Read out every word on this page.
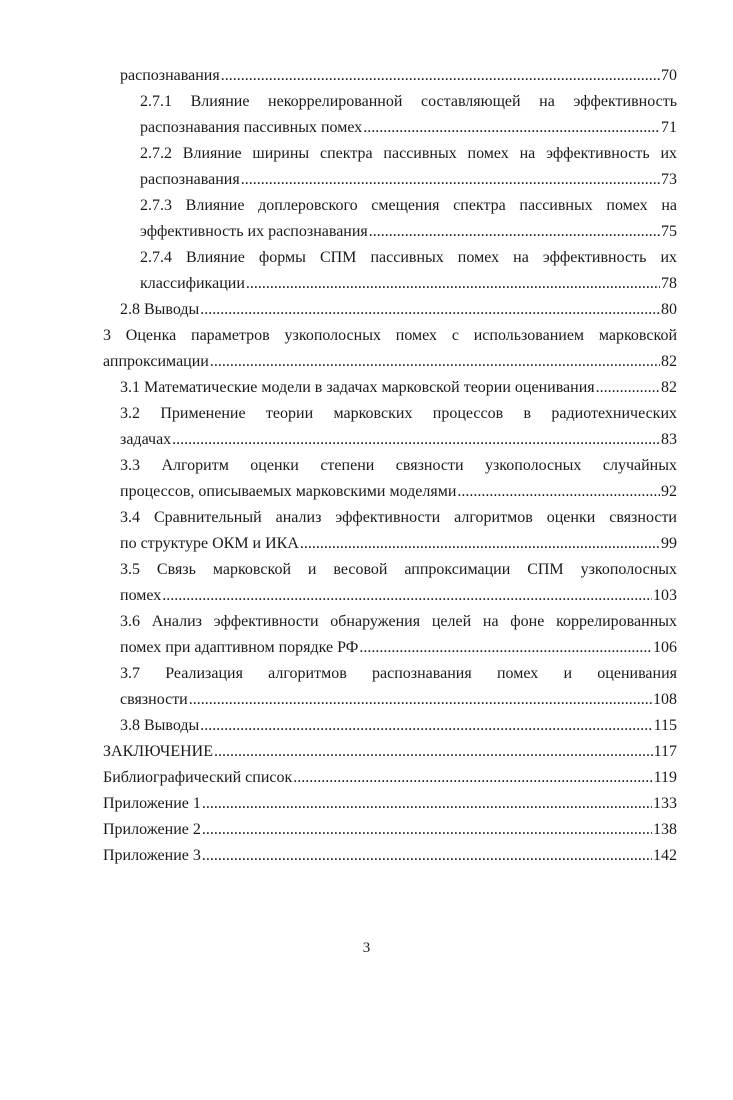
распознавания .....	70
2.7.1 Влияние некоррелированной составляющей на эффективность
распознавания пассивных помех .....	71
2.7.2 Влияние ширины спектра пассивных помех на эффективность их
распознавания .....	73
2.7.3 Влияние доплеровского смещения спектра пассивных помех на
эффективность их распознавания .....	75
2.7.4 Влияние формы СПМ пассивных помех на эффективность их
классификации .....	78
2.8 Выводы .....	80
3 Оценка параметров узкополосных помех с использованием марковской
аппроксимации .....	82
3.1 Математические модели в задачах марковской теории оценивания .....	82
3.2 Применение теории марковских процессов в радиотехнических
задачах .....	83
3.3 Алгоритм оценки степени связности узкополосных случайных
процессов, описываемых марковскими моделями .....	92
3.4 Сравнительный анализ эффективности алгоритмов оценки связности
по структуре ОКМ и ИКА .....	99
3.5 Связь марковской и весовой аппроксимации СПМ узкополосных
помех .....	103
3.6 Анализ эффективности обнаружения целей на фоне коррелированных
помех при адаптивном порядке РФ .....	106
3.7 Реализация алгоритмов распознавания помех и оценивания
связности .....	108
3.8 Выводы .....	115
ЗАКЛЮЧЕНИЕ .....	117
Библиографический список .....	119
Приложение 1 .....	133
Приложение 2 .....	138
Приложение 3 .....	142
3
